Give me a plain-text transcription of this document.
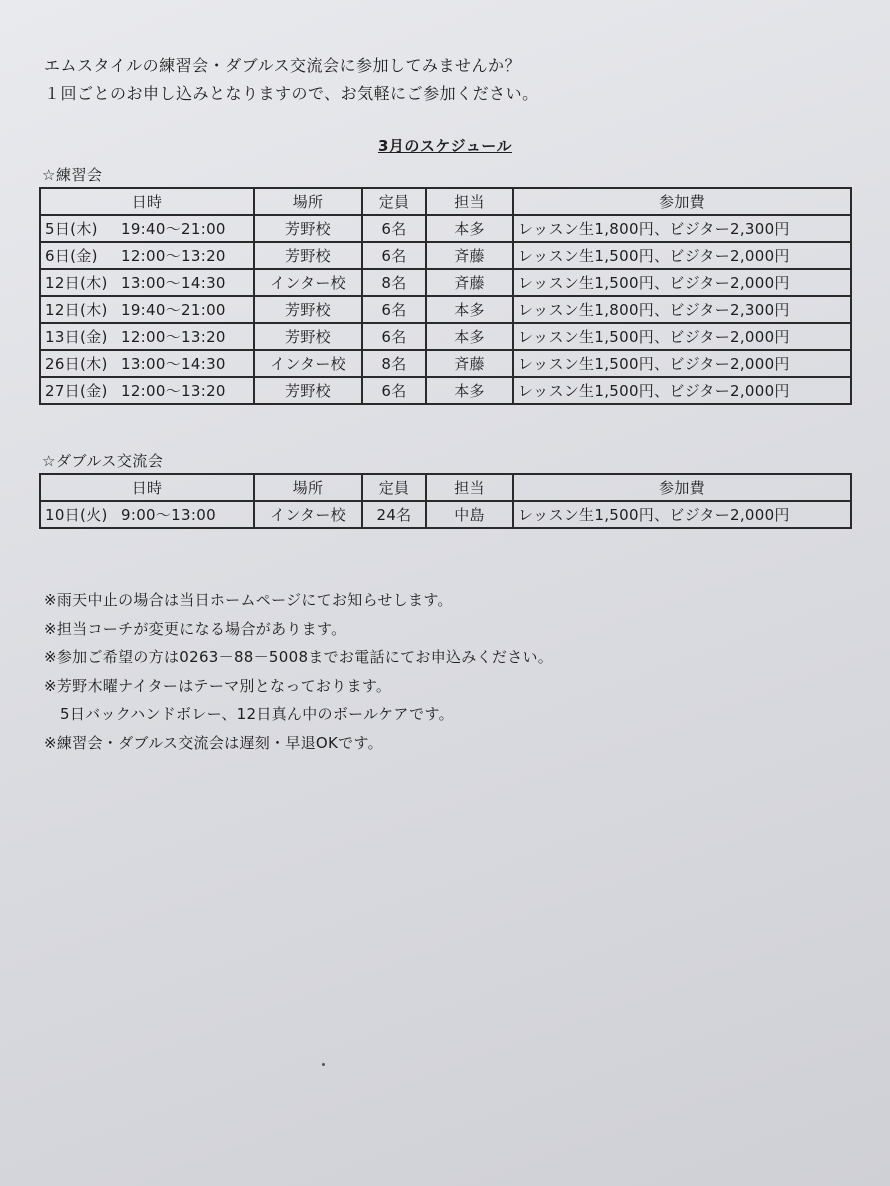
エムスタイルの練習会・ダブルス交流会に参加してみませんか？
１回ごとのお申し込みとなりますので、お気軽にご参加ください。
3月のスケジュール
☆練習会
日時	場所	定員	担当	参加費
5日(木) 19:40～21:00	芳野校	6名	本多	レッスン生1,800円、ビジター2,300円
6日(金) 12:00～13:20	芳野校	6名	斉藤	レッスン生1,500円、ビジター2,000円
12日(木) 13:00～14:30	インター校	8名	斉藤	レッスン生1,500円、ビジター2,000円
12日(木) 19:40～21:00	芳野校	6名	本多	レッスン生1,800円、ビジター2,300円
13日(金) 12:00～13:20	芳野校	6名	本多	レッスン生1,500円、ビジター2,000円
26日(木) 13:00～14:30	インター校	8名	斉藤	レッスン生1,500円、ビジター2,000円
27日(金) 12:00～13:20	芳野校	6名	本多	レッスン生1,500円、ビジター2,000円
☆ダブルス交流会
日時	場所	定員	担当	参加費
10日(火) 9:00～13:00	インター校	24名	中島	レッスン生1,500円、ビジター2,000円
※雨天中止の場合は当日ホームページにてお知らせします。
※担当コーチが変更になる場合があります。
※参加ご希望の方は0263－88－5008までお電話にてお申込みください。
※芳野木曜ナイターはテーマ別となっております。
5日バックハンドボレー、12日真ん中のボールケアです。
※練習会・ダブルス交流会は遅刻・早退OKです。
